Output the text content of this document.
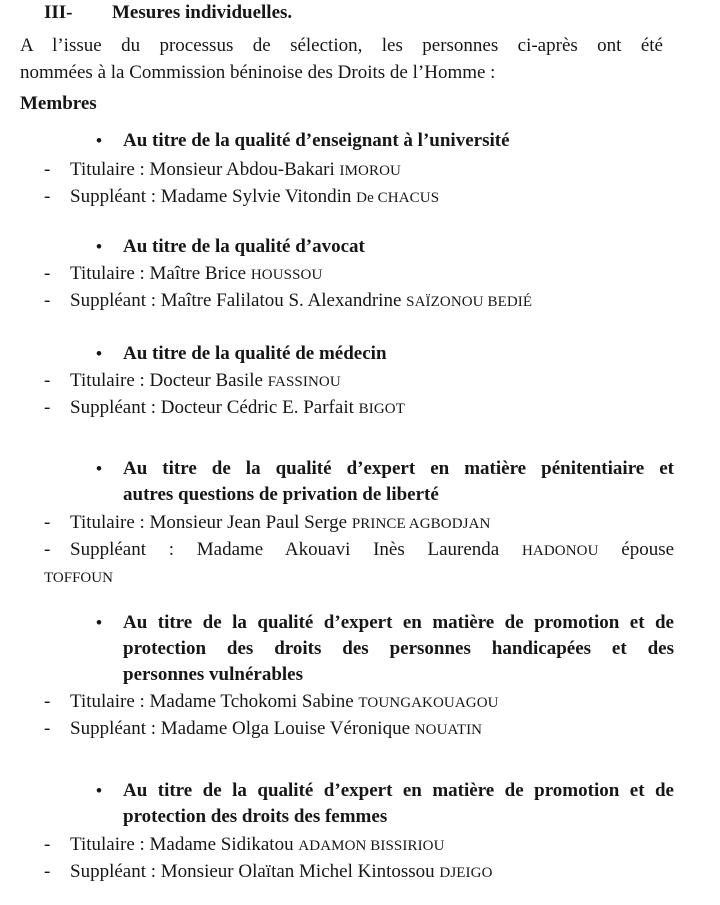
III- Mesures individuelles.
A l’issue du processus de sélection, les personnes ci-après ont été
nommées à la Commission béninoise des Droits de l’Homme :
Membres
• Au titre de la qualité d’enseignant à l’université
- Titulaire : Monsieur Abdou-Bakari IMOROU
- Suppléant : Madame Sylvie Vitondin De CHACUS
• Au titre de la qualité d’avocat
- Titulaire : Maître Brice HOUSSOU
- Suppléant : Maître Falilatou S. Alexandrine SAÏZONOU BEDIÉ
• Au titre de la qualité de médecin
- Titulaire : Docteur Basile FASSINOU
- Suppléant : Docteur Cédric E. Parfait BIGOT
• Au titre de la qualité d’expert en matière pénitentiaire et
autres questions de privation de liberté
- Titulaire : Monsieur Jean Paul Serge PRINCE AGBODJAN
- Suppléant : Madame Akouavi Inès Laurenda HADONOU épouse
TOFFOUN
• Au titre de la qualité d’expert en matière de promotion et de
protection des droits des personnes handicapées et des
personnes vulnérables
- Titulaire : Madame Tchokomi Sabine TOUNGAKOUAGOU
- Suppléant : Madame Olga Louise Véronique NOUATIN
• Au titre de la qualité d’expert en matière de promotion et de
protection des droits des femmes
- Titulaire : Madame Sidikatou ADAMON BISSIRIOU
- Suppléant : Monsieur Olaïtan Michel Kintossou DJEIGO
